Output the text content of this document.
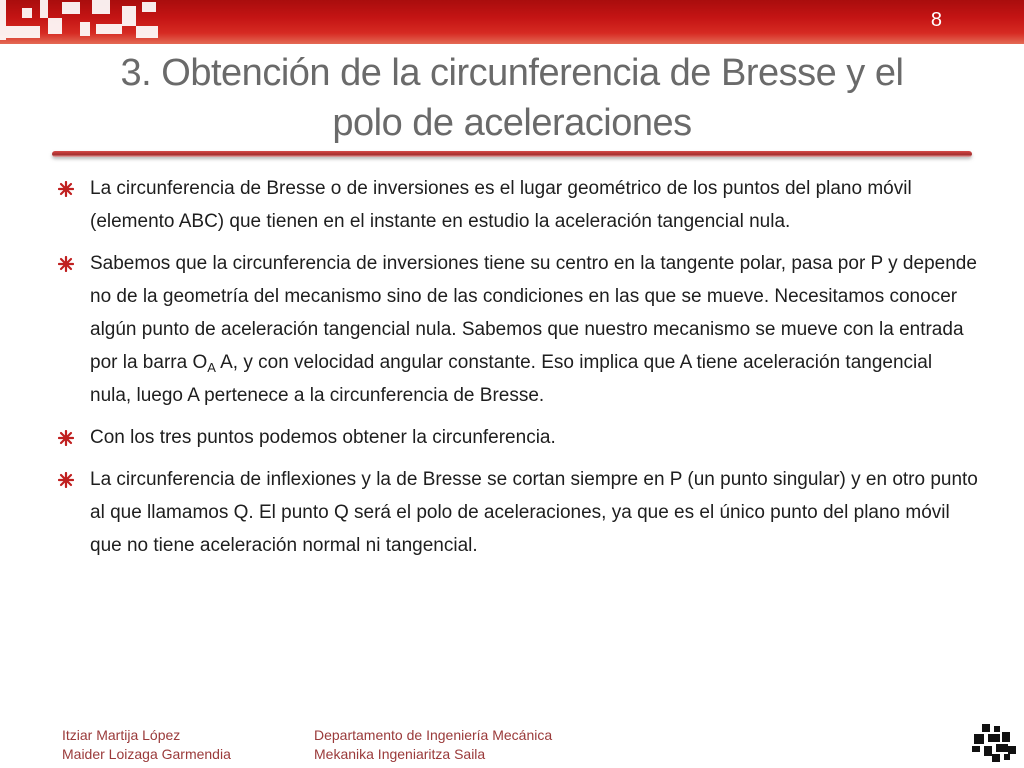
8
3. Obtención de la circunferencia de Bresse y el
polo de aceleraciones
La circunferencia de Bresse o de inversiones es el lugar geométrico de los puntos del plano móvil (elemento ABC) que tienen en el instante en estudio la aceleración tangencial nula.
Sabemos que la circunferencia de inversiones tiene su centro en la tangente polar, pasa por P y depende no de la geometría del mecanismo sino de las condiciones en las que se mueve. Necesitamos conocer algún punto de aceleración tangencial nula. Sabemos que nuestro mecanismo se mueve con la entrada por la barra $O_A$ A, y con velocidad angular constante. Eso implica que A tiene aceleración tangencial nula, luego A pertenece a la circunferencia de Bresse.
Con los tres puntos podemos obtener la circunferencia.
La circunferencia de inflexiones y la de Bresse se cortan siempre en P (un punto singular) y en otro punto al que llamamos Q. El punto Q será el polo de aceleraciones, ya que es el único punto del plano móvil que no tiene aceleración normal ni tangencial.
Itziar Martija López
Maider Loizaga Garmendia
Departamento de Ingeniería Mecánica
Mekanika Ingeniaritza Saila
